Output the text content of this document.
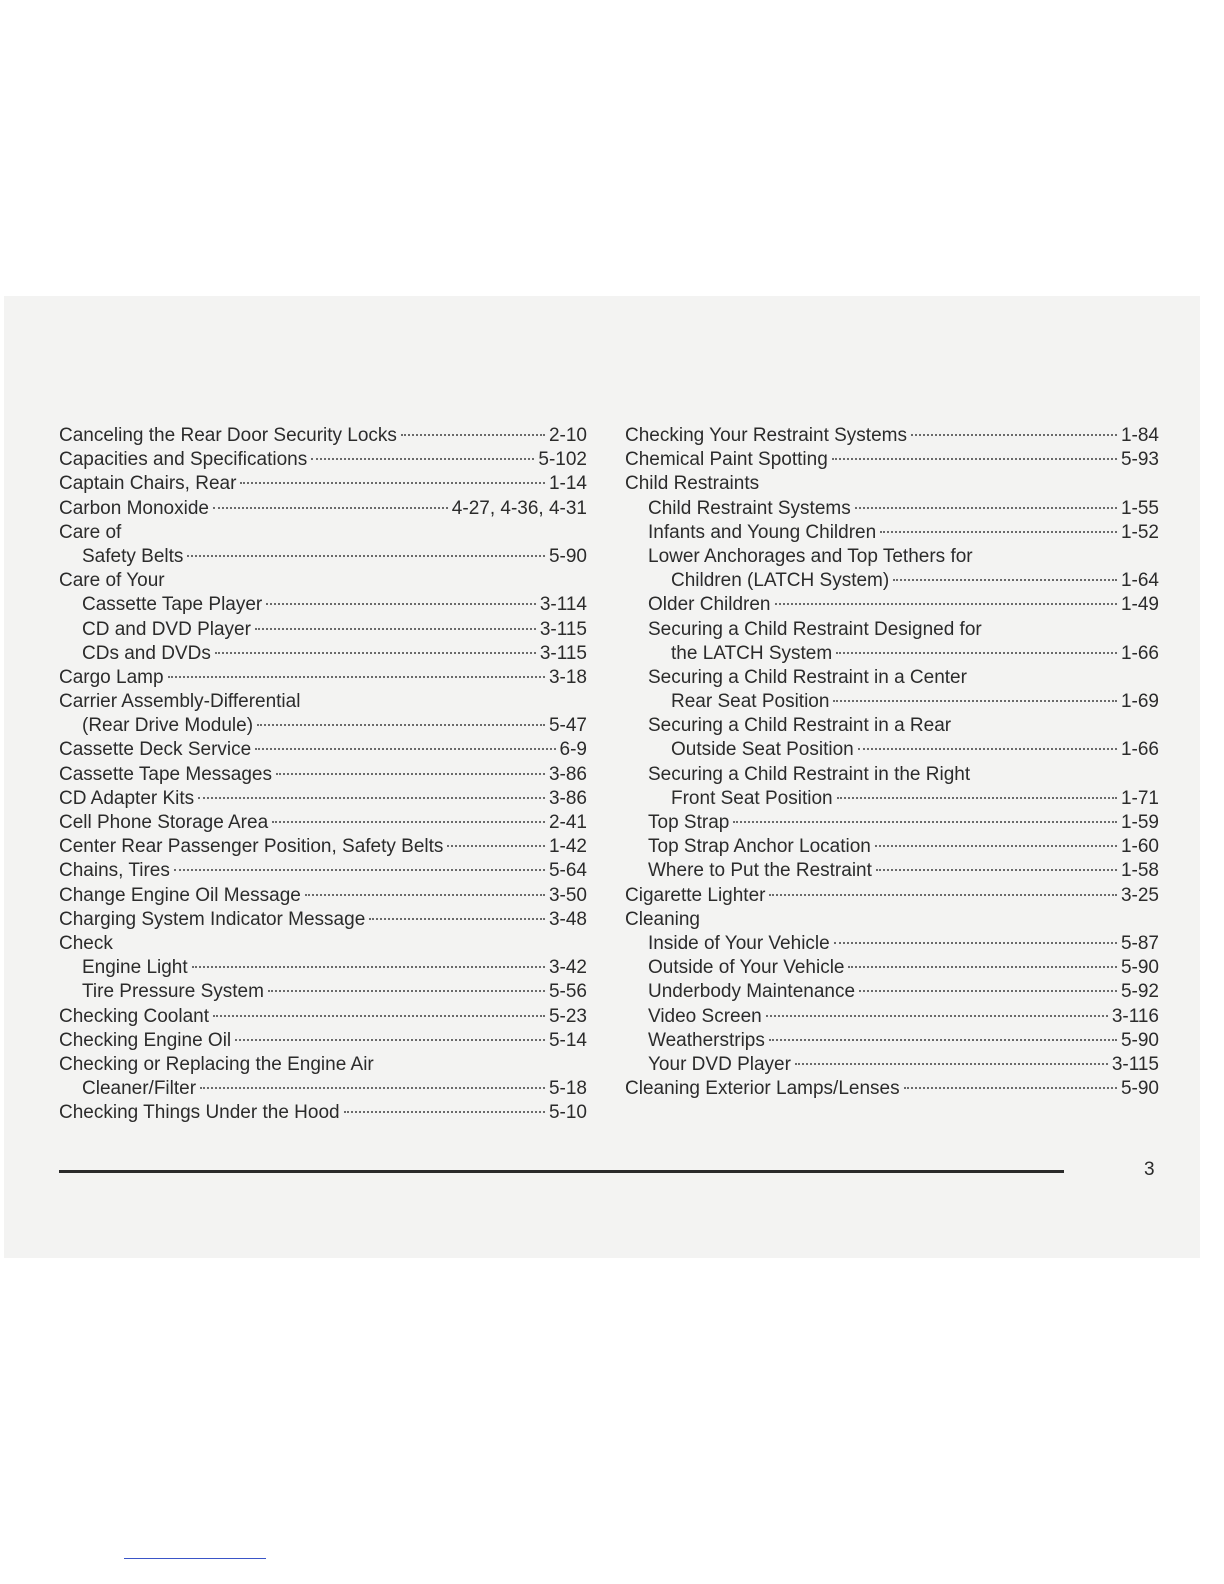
Canceling the Rear Door Security Locks	2-10
Capacities and Specifications	5-102
Captain Chairs, Rear	1-14
Carbon Monoxide	4-27, 4-36, 4-31
Care of
Safety Belts	5-90
Care of Your
Cassette Tape Player	3-114
CD and DVD Player	3-115
CDs and DVDs	3-115
Cargo Lamp	3-18
Carrier Assembly-Differential
(Rear Drive Module)	5-47
Cassette Deck Service	6-9
Cassette Tape Messages	3-86
CD Adapter Kits	3-86
Cell Phone Storage Area	2-41
Center Rear Passenger Position, Safety Belts	1-42
Chains, Tires	5-64
Change Engine Oil Message	3-50
Charging System Indicator Message	3-48
Check
Engine Light	3-42
Tire Pressure System	5-56
Checking Coolant	5-23
Checking Engine Oil	5-14
Checking or Replacing the Engine Air
Cleaner/Filter	5-18
Checking Things Under the Hood	5-10
Checking Your Restraint Systems	1-84
Chemical Paint Spotting	5-93
Child Restraints
Child Restraint Systems	1-55
Infants and Young Children	1-52
Lower Anchorages and Top Tethers for
Children (LATCH System)	1-64
Older Children	1-49
Securing a Child Restraint Designed for
the LATCH System	1-66
Securing a Child Restraint in a Center
Rear Seat Position	1-69
Securing a Child Restraint in a Rear
Outside Seat Position	1-66
Securing a Child Restraint in the Right
Front Seat Position	1-71
Top Strap	1-59
Top Strap Anchor Location	1-60
Where to Put the Restraint	1-58
Cigarette Lighter	3-25
Cleaning
Inside of Your Vehicle	5-87
Outside of Your Vehicle	5-90
Underbody Maintenance	5-92
Video Screen	3-116
Weatherstrips	5-90
Your DVD Player	3-115
Cleaning Exterior Lamps/Lenses	5-90
3
